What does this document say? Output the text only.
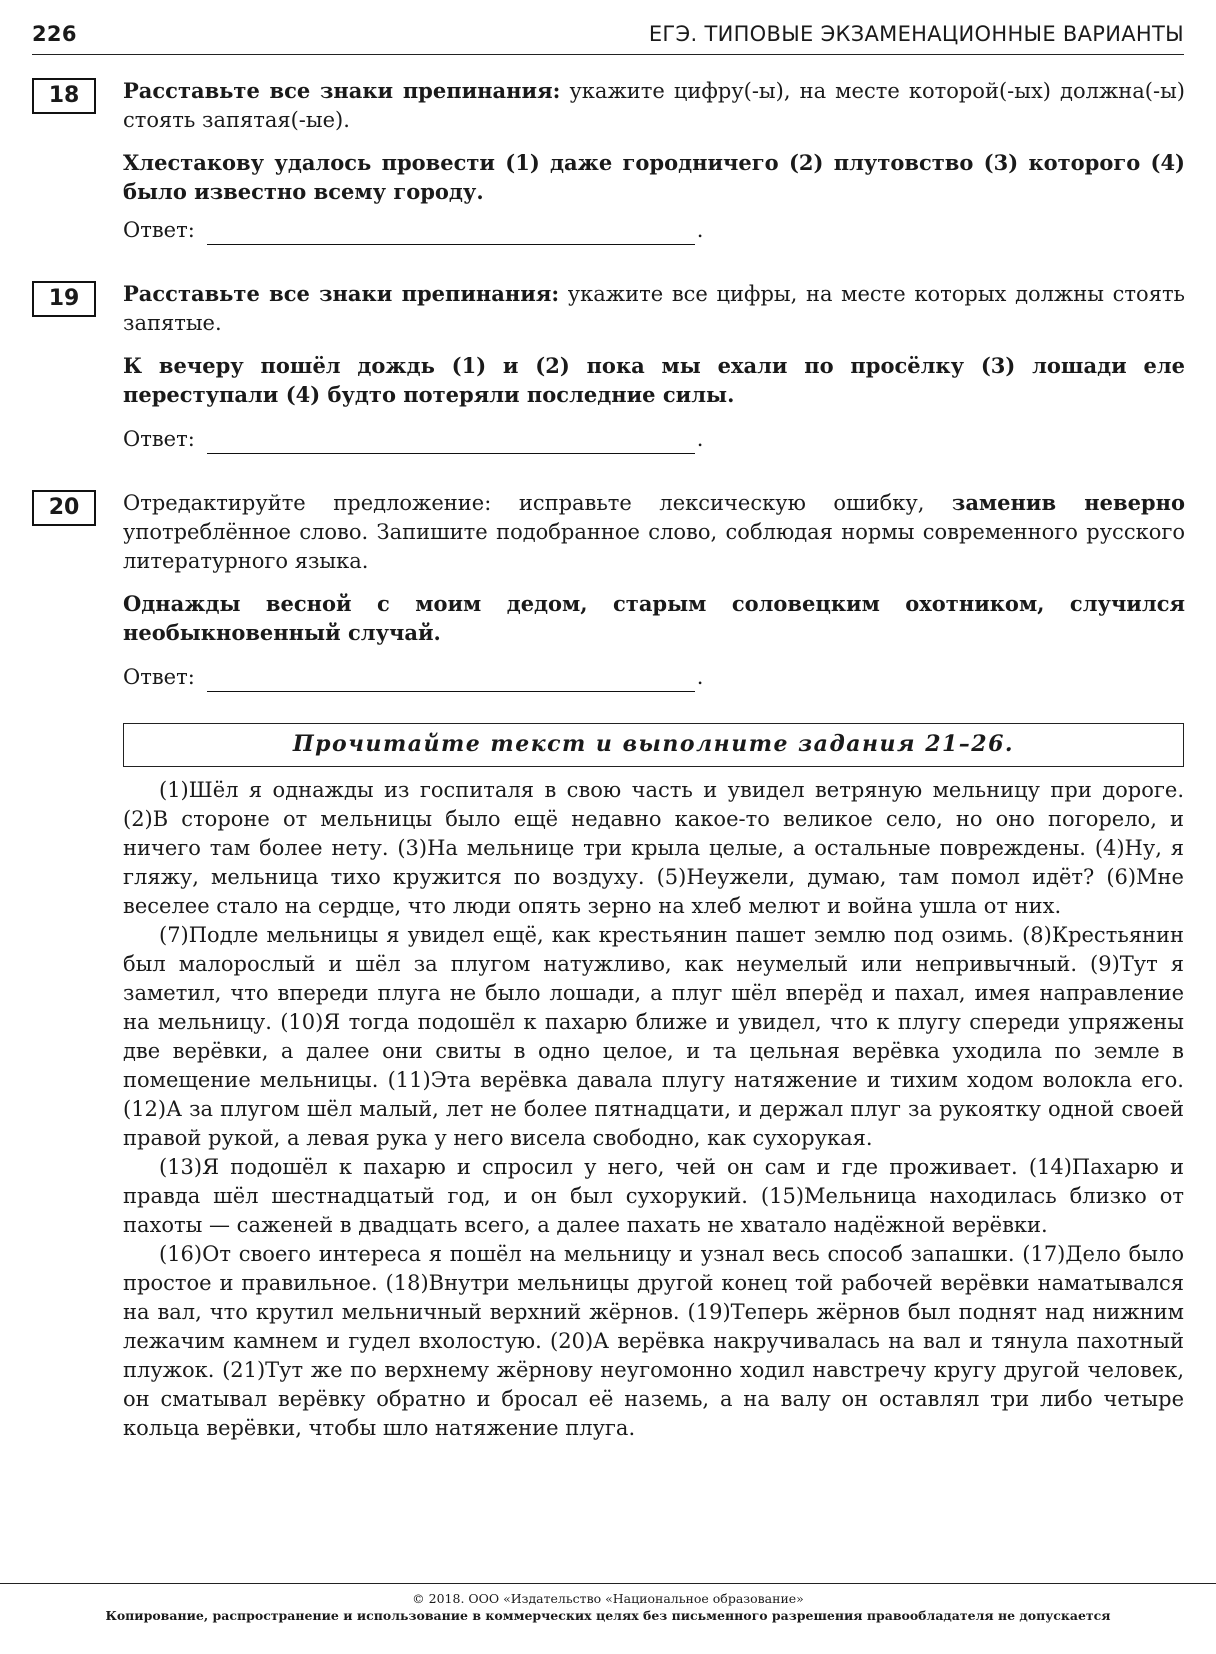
226	ЕГЭ. ТИПОВЫЕ ЭКЗАМЕНАЦИОННЫЕ ВАРИАНТЫ
18	Расставьте все знаки препинания: укажите цифру(-ы), на месте которой(-ых) должна(-ы) стоять запятая(-ые).

Хлестакову удалось провести (1) даже городничего (2) плутовство (3) которого (4) было известно всему городу.

Ответ:	.
19	Расставьте все знаки препинания: укажите все цифры, на месте которых должны стоять запятые.

К вечеру пошёл дождь (1) и (2) пока мы ехали по просёлку (3) лошади еле переступали (4) будто потеряли последние силы.

Ответ:	.
20	Отредактируйте предложение: исправьте лексическую ошибку, заменив неверно употреблённое слово. Запишите подобранное слово, соблюдая нормы современного русского литературного языка.

Однажды весной с моим дедом, старым соловецким охотником, случился необыкновенный случай.

Ответ:	.
Прочитайте текст и выполните задания 21–26.

(1)Шёл я однажды из госпиталя в свою часть и увидел ветряную мельницу при дороге. (2)В стороне от мельницы было ещё недавно какое-то великое село, но оно погорело, и ничего там более нету. (3)На мельнице три крыла целые, а остальные повреждены. (4)Ну, я гляжу, мельница тихо кружится по воздуху. (5)Неужели, думаю, там помол идёт? (6)Мне веселее стало на сердце, что люди опять зерно на хлеб мелют и война ушла от них.

(7)Подле мельницы я увидел ещё, как крестьянин пашет землю под озимь. (8)Крестьянин был малорослый и шёл за плугом натужливо, как неумелый или непривычный. (9)Тут я заметил, что впереди плуга не было лошади, а плуг шёл вперёд и пахал, имея направление на мельницу. (10)Я тогда подошёл к пахарю ближе и увидел, что к плугу спереди упряжены две верёвки, а далее они свиты в одно целое, и та цельная верёвка уходила по земле в помещение мельницы. (11)Эта верёвка давала плугу натяжение и тихим ходом волокла его. (12)А за плугом шёл малый, лет не более пятнадцати, и держал плуг за рукоятку одной своей правой рукой, а левая рука у него висела свободно, как сухорукая.

(13)Я подошёл к пахарю и спросил у него, чей он сам и где проживает. (14)Пахарю и правда шёл шестнадцатый год, и он был сухорукий. (15)Мельница находилась близко от пахоты — саженей в двадцать всего, а далее пахать не хватало надёжной верёвки.

(16)От своего интереса я пошёл на мельницу и узнал весь способ запашки. (17)Дело было простое и правильное. (18)Внутри мельницы другой конец той рабочей верёвки наматывался на вал, что крутил мельничный верхний жёрнов. (19)Теперь жёрнов был поднят над нижним лежачим камнем и гудел вхолостую. (20)А верёвка накручивалась на вал и тянула пахотный плужок. (21)Тут же по верхнему жёрнову неугомонно ходил навстречу кругу другой человек, он сматывал верёвку обратно и бросал её наземь, а на валу он оставлял три либо четыре кольца верёвки, чтобы шло натяжение плуга.

© 2018. ООО «Издательство «Национальное образование»
Копирование, распространение и использование в коммерческих целях без письменного разрешения правообладателя не допускается
